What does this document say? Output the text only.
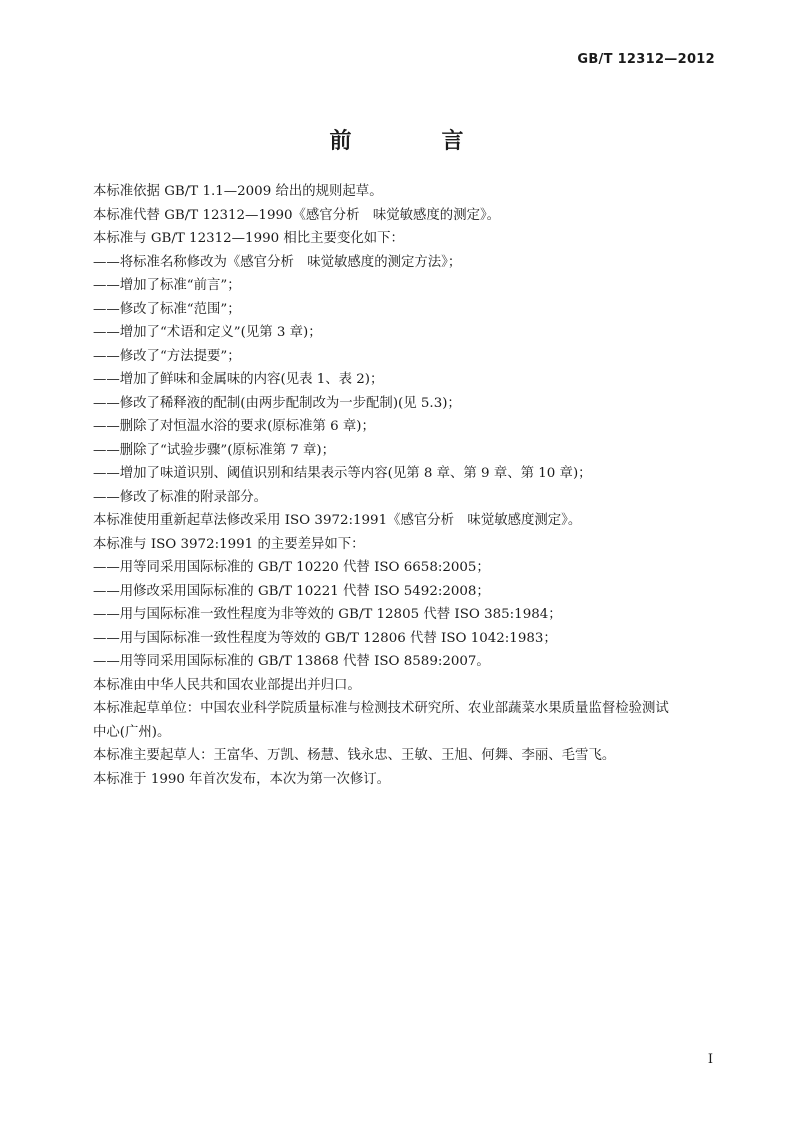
GB/T 12312—2012
前　言

本标准依据 GB/T 1.1—2009 给出的规则起草。

本标准代替 GB/T 12312—1990《感官分析　味觉敏感度的测定》。

本标准与 GB/T 12312—1990 相比主要变化如下：

——将标准名称修改为《感官分析　味觉敏感度的测定方法》；

——增加了标准“前言”；

——修改了标准“范围”；

——增加了“术语和定义”(见第 3 章)；

——修改了“方法提要”；

——增加了鲜味和金属味的内容(见表 1、表 2)；

——修改了稀释液的配制(由两步配制改为一步配制)(见 5.3)；

——删除了对恒温水浴的要求(原标准第 6 章)；

——删除了“试验步骤”(原标准第 7 章)；

——增加了味道识别、阈值识别和结果表示等内容(见第 8 章、第 9 章、第 10 章)；

——修改了标准的附录部分。

本标准使用重新起草法修改采用 ISO 3972:1991《感官分析　味觉敏感度测定》。

本标准与 ISO 3972:1991 的主要差异如下：

——用等同采用国际标准的 GB/T 10220 代替 ISO 6658:2005；

——用修改采用国际标准的 GB/T 10221 代替 ISO 5492:2008；

——用与国际标准一致性程度为非等效的 GB/T 12805 代替 ISO 385:1984；

——用与国际标准一致性程度为等效的 GB/T 12806 代替 ISO 1042:1983；

——用等同采用国际标准的 GB/T 13868 代替 ISO 8589:2007。

本标准由中华人民共和国农业部提出并归口。

本标准起草单位：中国农业科学院质量标准与检测技术研究所、农业部蔬菜水果质量监督检验测试

中心(广州)。

本标准主要起草人：王富华、万凯、杨慧、钱永忠、王敏、王旭、何舞、李丽、毛雪飞。

本标准于 1990 年首次发布，本次为第一次修订。

I
